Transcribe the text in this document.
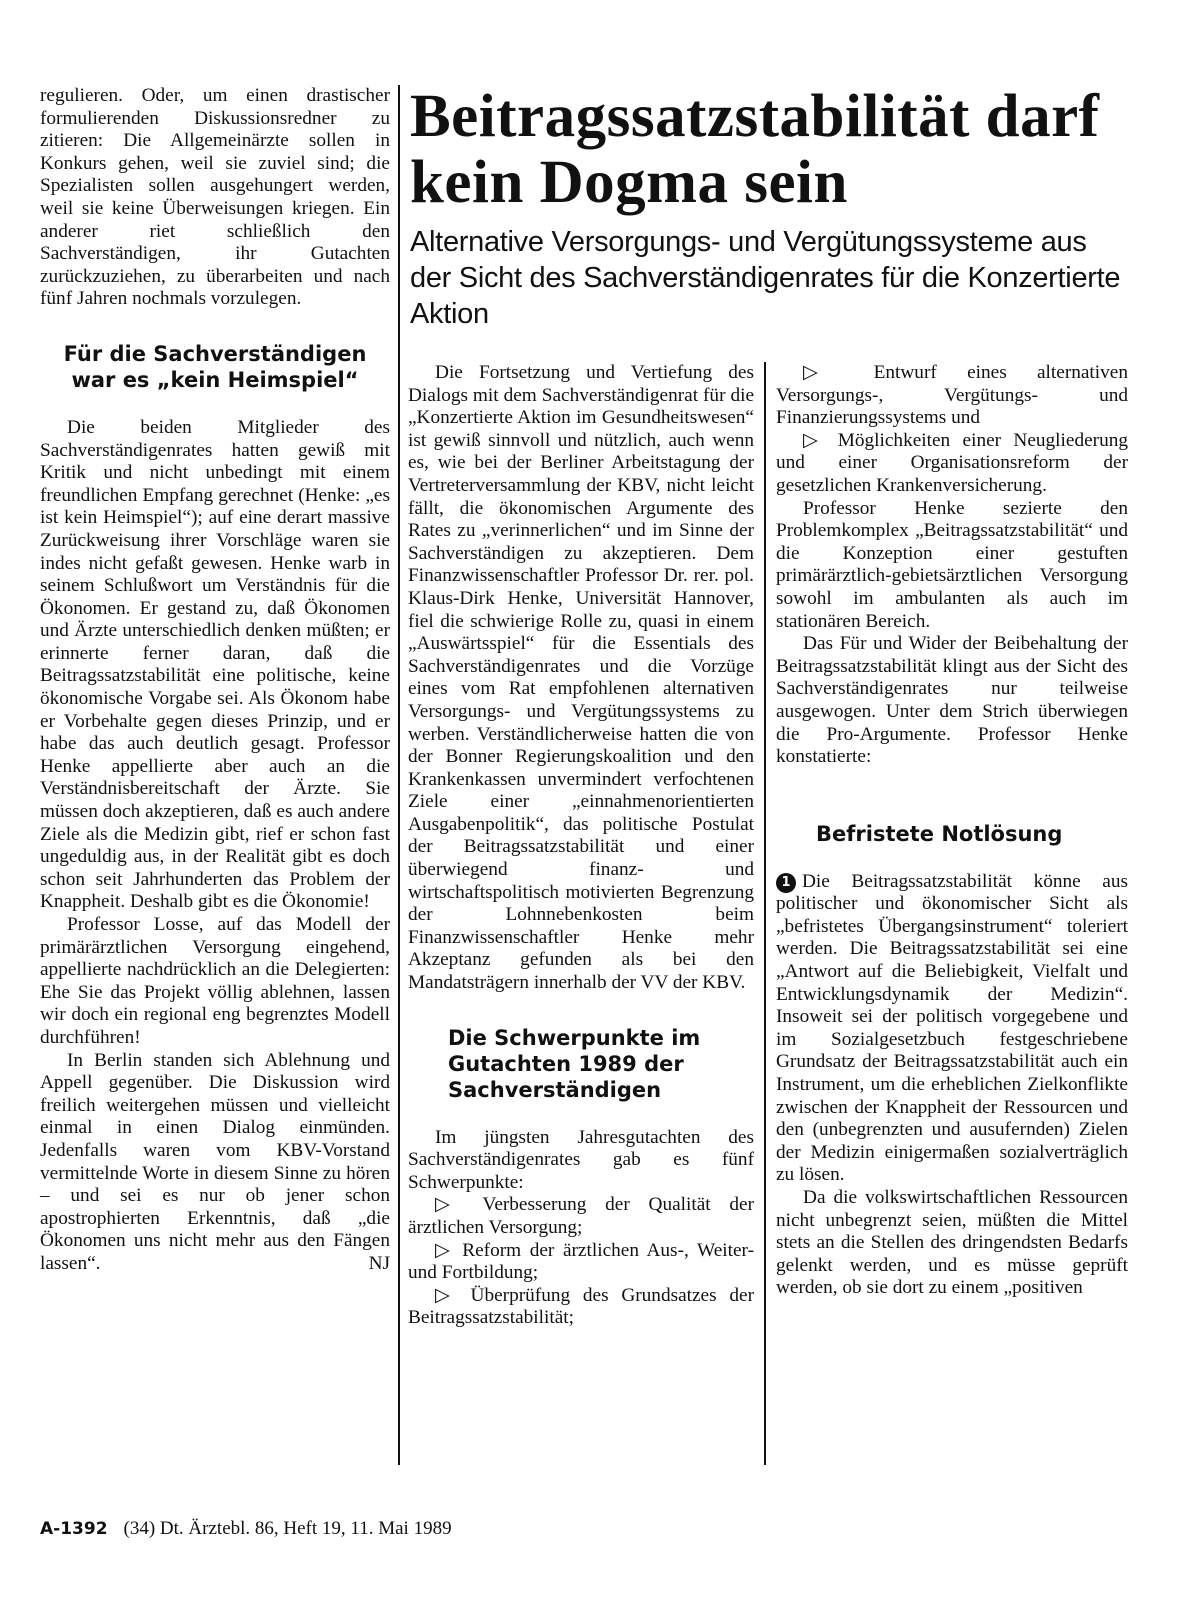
regulieren. Oder, um einen drastischer formulierenden Diskussionsredner zu zitieren: Die Allgemeinärzte sollen in Konkurs gehen, weil sie zuviel sind; die Spezialisten sollen ausgehungert werden, weil sie keine Überweisungen kriegen. Ein anderer riet schließlich den Sachverständigen, ihr Gutachten zurückzuziehen, zu überarbeiten und nach fünf Jahren nochmals vorzulegen.

Für die Sachverständigen war es „kein Heimspiel“

Die beiden Mitglieder des Sachverständigenrates hatten gewiß mit Kritik und nicht unbedingt mit einem freundlichen Empfang gerechnet (Henke: „es ist kein Heimspiel“); auf eine derart massive Zurückweisung ihrer Vorschläge waren sie indes nicht gefaßt gewesen. Henke warb in seinem Schlußwort um Verständnis für die Ökonomen. Er gestand zu, daß Ökonomen und Ärzte unterschiedlich denken müßten; er erinnerte ferner daran, daß die Beitragssatzstabilität eine politische, keine ökonomische Vorgabe sei. Als Ökonom habe er Vorbehalte gegen dieses Prinzip, und er habe das auch deutlich gesagt. Professor Henke appellierte aber auch an die Verständnisbereitschaft der Ärzte. Sie müssen doch akzeptieren, daß es auch andere Ziele als die Medizin gibt, rief er schon fast ungeduldig aus, in der Realität gibt es doch schon seit Jahrhunderten das Problem der Knappheit. Deshalb gibt es die Ökonomie!

Professor Losse, auf das Modell der primärärztlichen Versorgung eingehend, appellierte nachdrücklich an die Delegierten: Ehe Sie das Projekt völlig ablehnen, lassen wir doch ein regional eng begrenztes Modell durchführen!

In Berlin standen sich Ablehnung und Appell gegenüber. Die Diskussion wird freilich weitergehen müssen und vielleicht einmal in einen Dialog einmünden. Jedenfalls waren vom KBV-Vorstand vermittelnde Worte in diesem Sinne zu hören – und sei es nur ob jener schon apostrophierten Erkenntnis, daß „die Ökonomen uns nicht mehr aus den Fängen lassen“.	NJ

Beitragssatzstabilität darf kein Dogma sein
Alternative Versorgungs- und Vergütungssysteme aus der Sicht des Sachverständigenrates für die Konzertierte Aktion

Die Fortsetzung und Vertiefung des Dialogs mit dem Sachverständigenrat für die „Konzertierte Aktion im Gesundheitswesen“ ist gewiß sinnvoll und nützlich, auch wenn es, wie bei der Berliner Arbeitstagung der Vertreterversammlung der KBV, nicht leicht fällt, die ökonomischen Argumente des Rates zu „verinnerlichen“ und im Sinne der Sachverständigen zu akzeptieren. Dem Finanzwissenschaftler Professor Dr. rer. pol. Klaus-Dirk Henke, Universität Hannover, fiel die schwierige Rolle zu, quasi in einem „Auswärtsspiel“ für die Essentials des Sachverständigenrates und die Vorzüge eines vom Rat empfohlenen alternativen Versorgungs- und Vergütungssystems zu werben. Verständlicherweise hatten die von der Bonner Regierungskoalition und den Krankenkassen unvermindert verfochtenen Ziele einer „einnahmenorientierten Ausgabenpolitik“, das politische Postulat der Beitragssatzstabilität und einer überwiegend finanz- und wirtschaftspolitisch motivierten Begrenzung der Lohnnebenkosten beim Finanzwissenschaftler Henke mehr Akzeptanz gefunden als bei den Mandatsträgern innerhalb der VV der KBV.

Die Schwerpunkte im Gutachten 1989 der Sachverständigen

Im jüngsten Jahresgutachten des Sachverständigenrates gab es fünf Schwerpunkte:

▷ Verbesserung der Qualität der ärztlichen Versorgung;

▷ Reform der ärztlichen Aus-, Weiter- und Fortbildung;

▷ Überprüfung des Grundsatzes der Beitragssatzstabilität;

▷ Entwurf eines alternativen Versorgungs-, Vergütungs- und Finanzierungssystems und

▷ Möglichkeiten einer Neugliederung und einer Organisationsreform der gesetzlichen Krankenversicherung.

Professor Henke sezierte den Problemkomplex „Beitragssatzstabilität“ und die Konzeption einer gestuften primärärztlich-gebietsärztlichen Versorgung sowohl im ambulanten als auch im stationären Bereich.

Das Für und Wider der Beibehaltung der Beitragssatzstabilität klingt aus der Sicht des Sachverständigenrates nur teilweise ausgewogen. Unter dem Strich überwiegen die Pro-Argumente. Professor Henke konstatierte:

Befristete Notlösung

1 Die Beitragssatzstabilität könne aus politischer und ökonomischer Sicht als „befristetes Übergangsinstrument“ toleriert werden. Die Beitragssatzstabilität sei eine „Antwort auf die Beliebigkeit, Vielfalt und Entwicklungsdynamik der Medizin“. Insoweit sei der politisch vorgegebene und im Sozialgesetzbuch festgeschriebene Grundsatz der Beitragssatzstabilität auch ein Instrument, um die erheblichen Zielkonflikte zwischen der Knappheit der Ressourcen und den (unbegrenzten und ausufernden) Zielen der Medizin einigermaßen sozialverträglich zu lösen.

Da die volkswirtschaftlichen Ressourcen nicht unbegrenzt seien, müßten die Mittel stets an die Stellen des dringendsten Bedarfs gelenkt werden, und es müsse geprüft werden, ob sie dort zu einem „positiven

A-1392 (34) Dt. Ärztebl. 86, Heft 19, 11. Mai 1989
